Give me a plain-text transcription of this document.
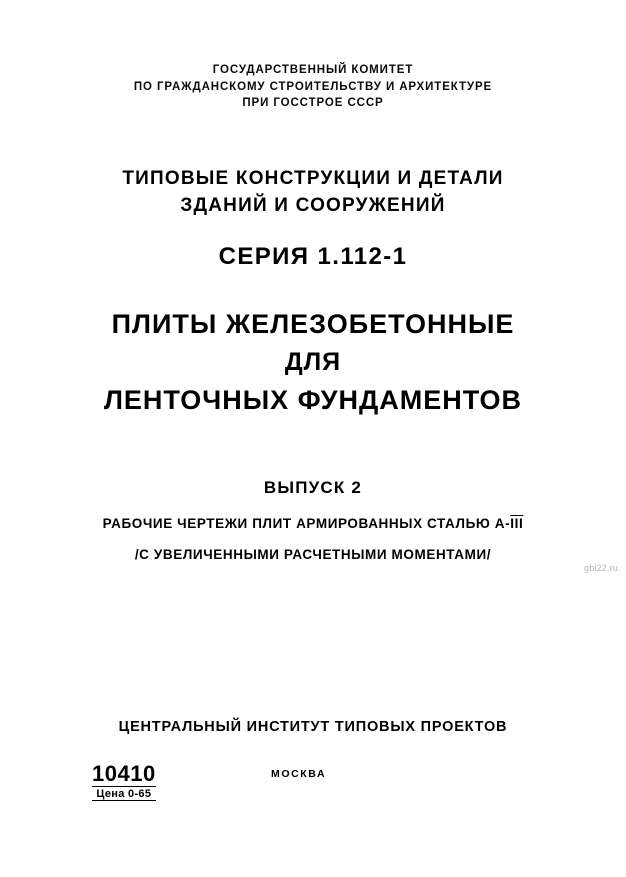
ГОСУДАРСТВЕННЫЙ КОМИТЕТ
ПО ГРАЖДАНСКОМУ СТРОИТЕЛЬСТВУ И АРХИТЕКТУРЕ
ПРИ ГОССТРОЕ СССР
ТИПОВЫЕ КОНСТРУКЦИИ И ДЕТАЛИ
ЗДАНИЙ И СООРУЖЕНИЙ
СЕРИЯ 1.112-1
ПЛИТЫ ЖЕЛЕЗОБЕТОННЫЕ
ДЛЯ
ЛЕНТОЧНЫХ ФУНДАМЕНТОВ
ВЫПУСК 2
РАБОЧИЕ ЧЕРТЕЖИ ПЛИТ АРМИРОВАННЫХ СТАЛЬЮ $А-\overline{III}$
/С УВЕЛИЧЕННЫМИ РАСЧЕТНЫМИ МОМЕНТАМИ/
gbi22.ru
ЦЕНТРАЛЬНЫЙ ИНСТИТУТ ТИПОВЫХ ПРОЕКТОВ
МОСКВА
10410
Цена 0-65
